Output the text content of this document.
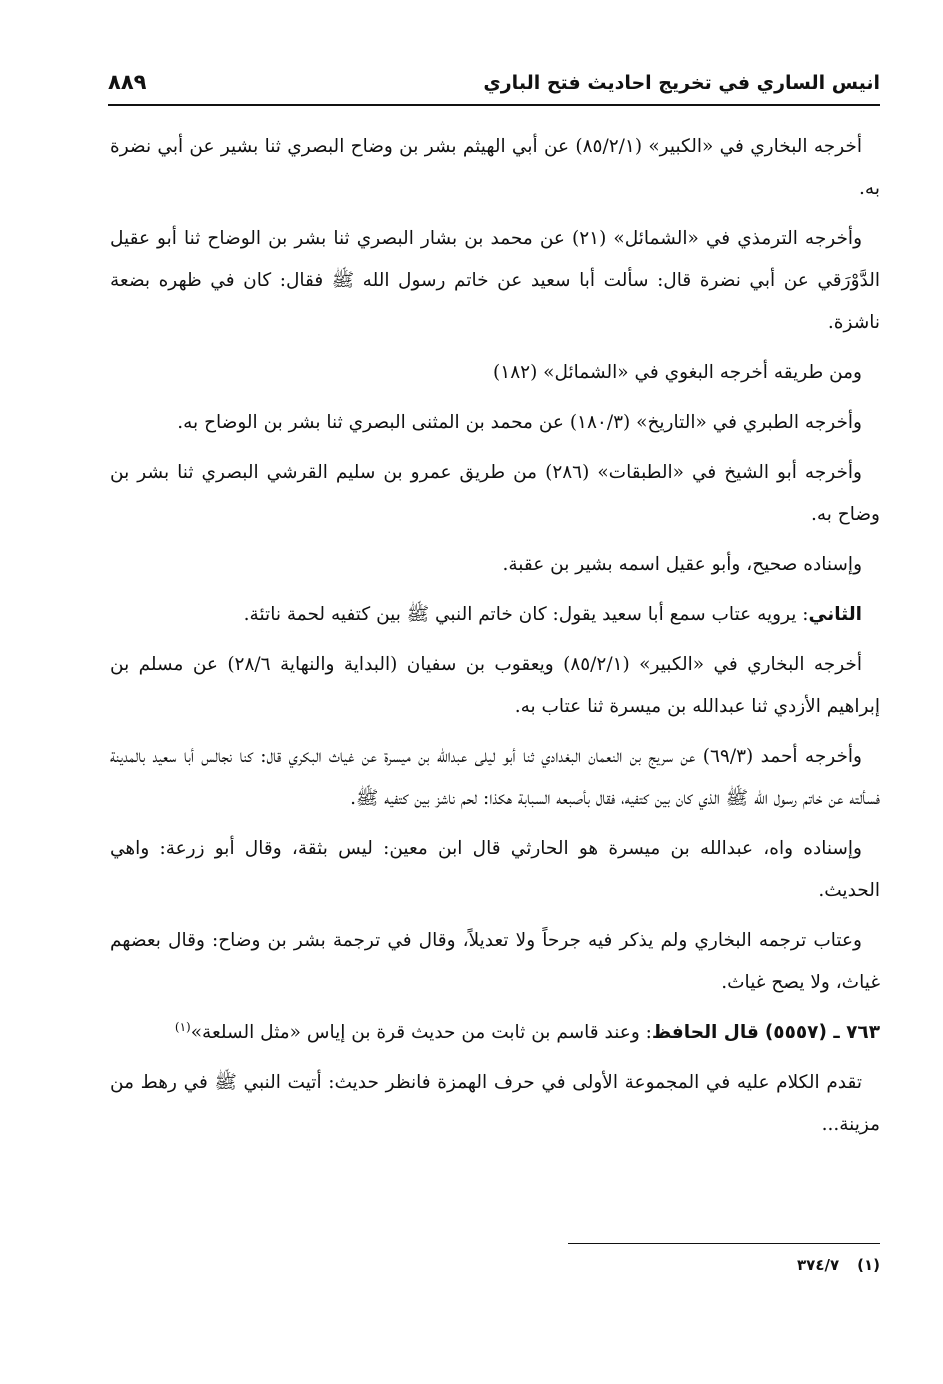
انيس الساري في تخريج احاديث فتح الباري
٨٨٩

أخرجه البخاري في «الكبير» (٨٥/٢/١) عن أبي الهيثم بشر بن وضاح البصري ثنا بشير عن أبي نضرة به.

وأخرجه الترمذي في «الشمائل» (٢١) عن محمد بن بشار البصري ثنا بشر بن الوضاح ثنا أبو عقيل الدَّوْرَقي عن أبي نضرة قال: سألت أبا سعيد عن خاتم رسول الله ﷺ فقال: كان في ظهره بضعة ناشزة.

ومن طريقه أخرجه البغوي في «الشمائل» (١٨٢)

وأخرجه الطبري في «التاريخ» (١٨٠/٣) عن محمد بن المثنى البصري ثنا بشر بن الوضاح به.

وأخرجه أبو الشيخ في «الطبقات» (٢٨٦) من طريق عمرو بن سليم القرشي البصري ثنا بشر بن وضاح به.

وإسناده صحيح، وأبو عقيل اسمه بشير بن عقبة.

الثاني: يرويه عتاب سمع أبا سعيد يقول: كان خاتم النبي ﷺ بين كتفيه لحمة ناتئة.

أخرجه البخاري في «الكبير» (٨٥/٢/١) ويعقوب بن سفيان (البداية والنهاية ٢٨/٦) عن مسلم بن إبراهيم الأزدي ثنا عبدالله بن ميسرة ثنا عتاب به.

وأخرجه أحمد (٦٩/٣) عن سريج بن النعمان البغدادي ثنا أبو ليلى عبدالله بن ميسرة عن غياث البكري قال: كنا نجالس أبا سعيد بالمدينة فسألته عن خاتم رسول الله ﷺ الذي كان بين كتفيه، فقال بأصبعه السبابة هكذا: لحم ناشز بين كتفيه ﷺ.

وإسناده واه، عبدالله بن ميسرة هو الحارثي قال ابن معين: ليس بثقة، وقال أبو زرعة: واهي الحديث.

وعتاب ترجمه البخاري ولم يذكر فيه جرحاً ولا تعديلاً، وقال في ترجمة بشر بن وضاح: وقال بعضهم غياث، ولا يصح غياث.

٧٦٣ ـ (٥٥٥٧) قال الحافظ: وعند قاسم بن ثابت من حديث قرة بن إياس «مثل السلعة»$^{(١)}$

تقدم الكلام عليه في المجموعة الأولى في حرف الهمزة فانظر حديث: أتيت النبي ﷺ في رهط من مزينة...

(١)٣٧٤/٧
